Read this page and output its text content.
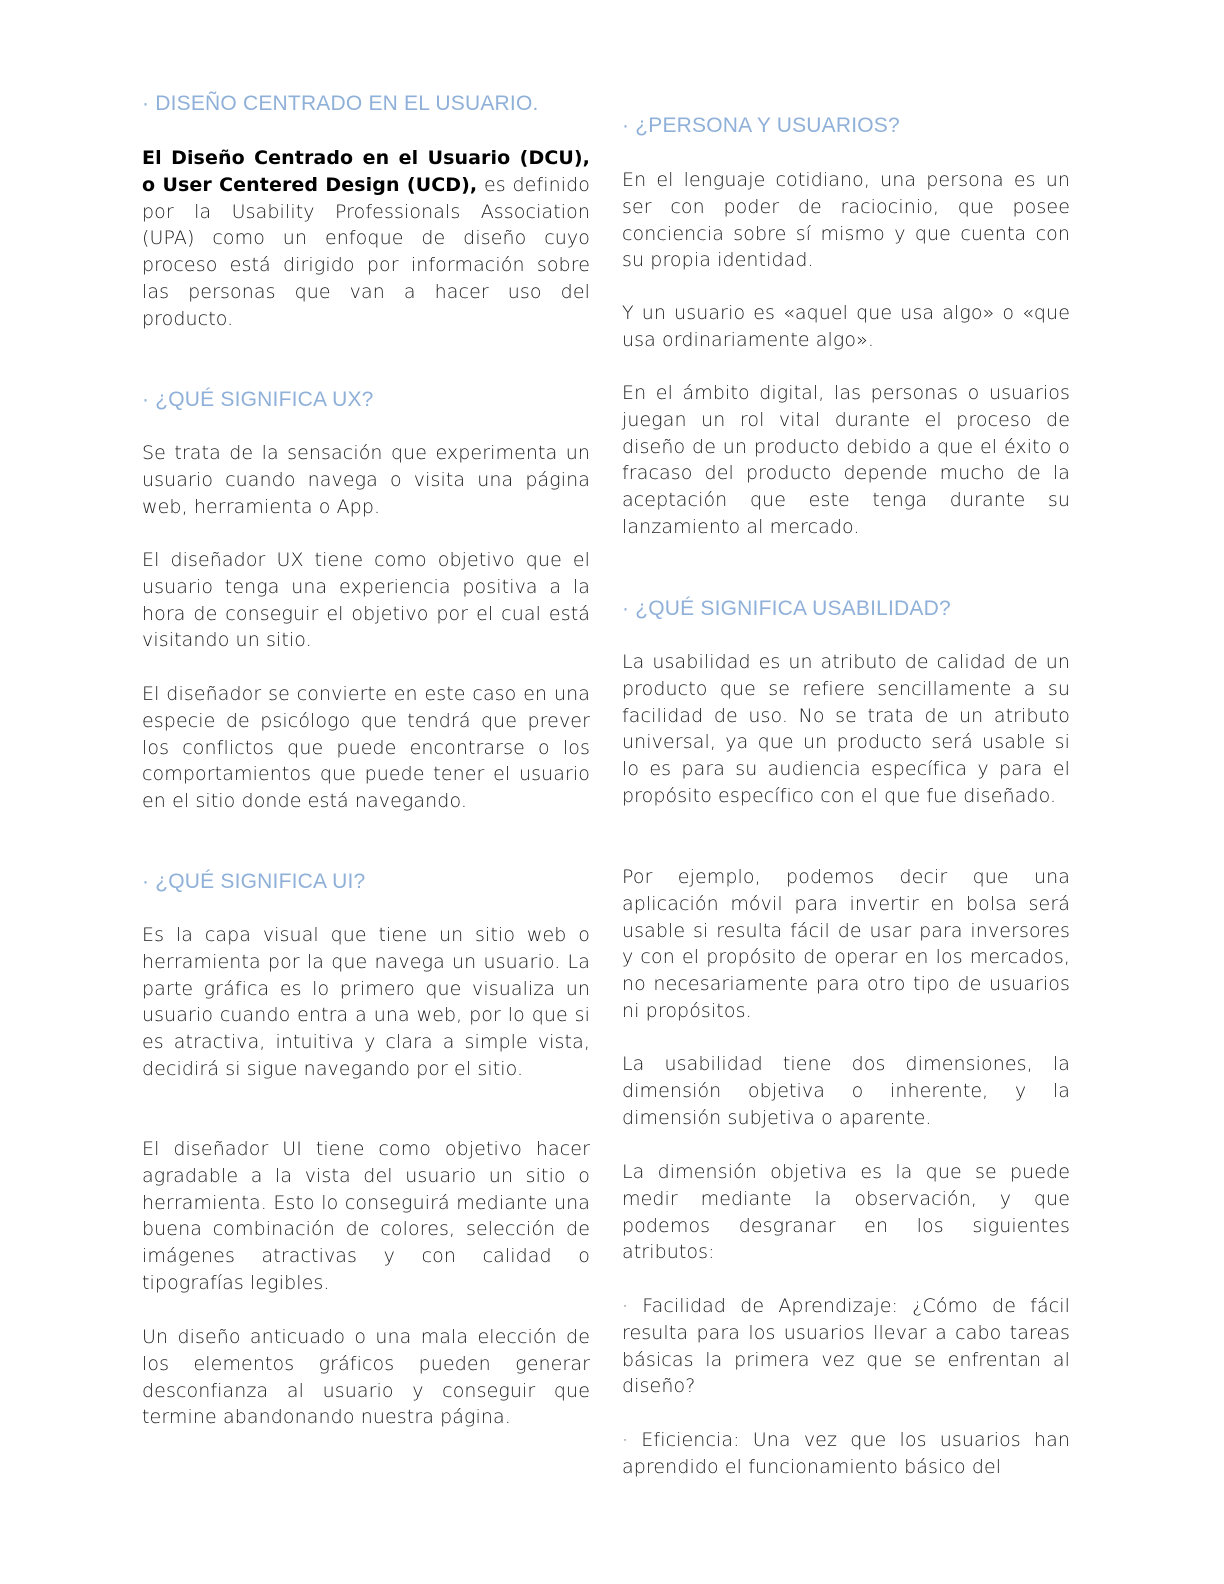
· DISEÑO CENTRADO EN EL USUARIO.

El Diseño Centrado en el Usuario (DCU), o User Centered Design (UCD), es definido por la Usability Professionals Association (UPA) como un enfoque de diseño cuyo proceso está dirigido por información sobre las personas que van a hacer uso del producto.

· ¿QUÉ SIGNIFICA UX?

Se trata de la sensación que experimenta un usuario cuando navega o visita una página web, herramienta o App.

El diseñador UX tiene como objetivo que el usuario tenga una experiencia positiva a la hora de conseguir el objetivo por el cual está visitando un sitio.

El diseñador se convierte en este caso en una especie de psicólogo que tendrá que prever los conflictos que puede encontrarse o los comportamientos que puede tener el usuario en el sitio donde está navegando.

· ¿QUÉ SIGNIFICA UI?

Es la capa visual que tiene un sitio web o herramienta por la que navega un usuario. La parte gráfica es lo primero que visualiza un usuario cuando entra a una web, por lo que si es atractiva, intuitiva y clara a simple vista, decidirá si sigue navegando por el sitio.

El diseñador UI tiene como objetivo hacer agradable a la vista del usuario un sitio o herramienta. Esto lo conseguirá mediante una buena combinación de colores, selección de imágenes atractivas y con calidad o tipografías legibles.

Un diseño anticuado o una mala elección de los elementos gráficos pueden generar desconfianza al usuario y conseguir que termine abandonando nuestra página.

· ¿PERSONA Y USUARIOS?

En el lenguaje cotidiano, una persona es un ser con poder de raciocinio, que posee conciencia sobre sí mismo y que cuenta con su propia identidad.

Y un usuario es «aquel que usa algo» o «que usa ordinariamente algo».

En el ámbito digital, las personas o usuarios juegan un rol vital durante el proceso de diseño de un producto debido a que el éxito o fracaso del producto depende mucho de la aceptación que este tenga durante su lanzamiento al mercado.

· ¿QUÉ SIGNIFICA USABILIDAD?

La usabilidad es un atributo de calidad de un producto que se refiere sencillamente a su facilidad de uso. No se trata de un atributo universal, ya que un producto será usable si lo es para su audiencia específica y para el propósito específico con el que fue diseñado.

Por ejemplo, podemos decir que una aplicación móvil para invertir en bolsa será usable si resulta fácil de usar para inversores y con el propósito de operar en los mercados, no necesariamente para otro tipo de usuarios ni propósitos.

La usabilidad tiene dos dimensiones, la dimensión objetiva o inherente, y la dimensión subjetiva o aparente.

La dimensión objetiva es la que se puede medir mediante la observación, y que podemos desgranar en los siguientes atributos:

· Facilidad de Aprendizaje: ¿Cómo de fácil resulta para los usuarios llevar a cabo tareas básicas la primera vez que se enfrentan al diseño?

· Eficiencia: Una vez que los usuarios han aprendido el funcionamiento básico del
